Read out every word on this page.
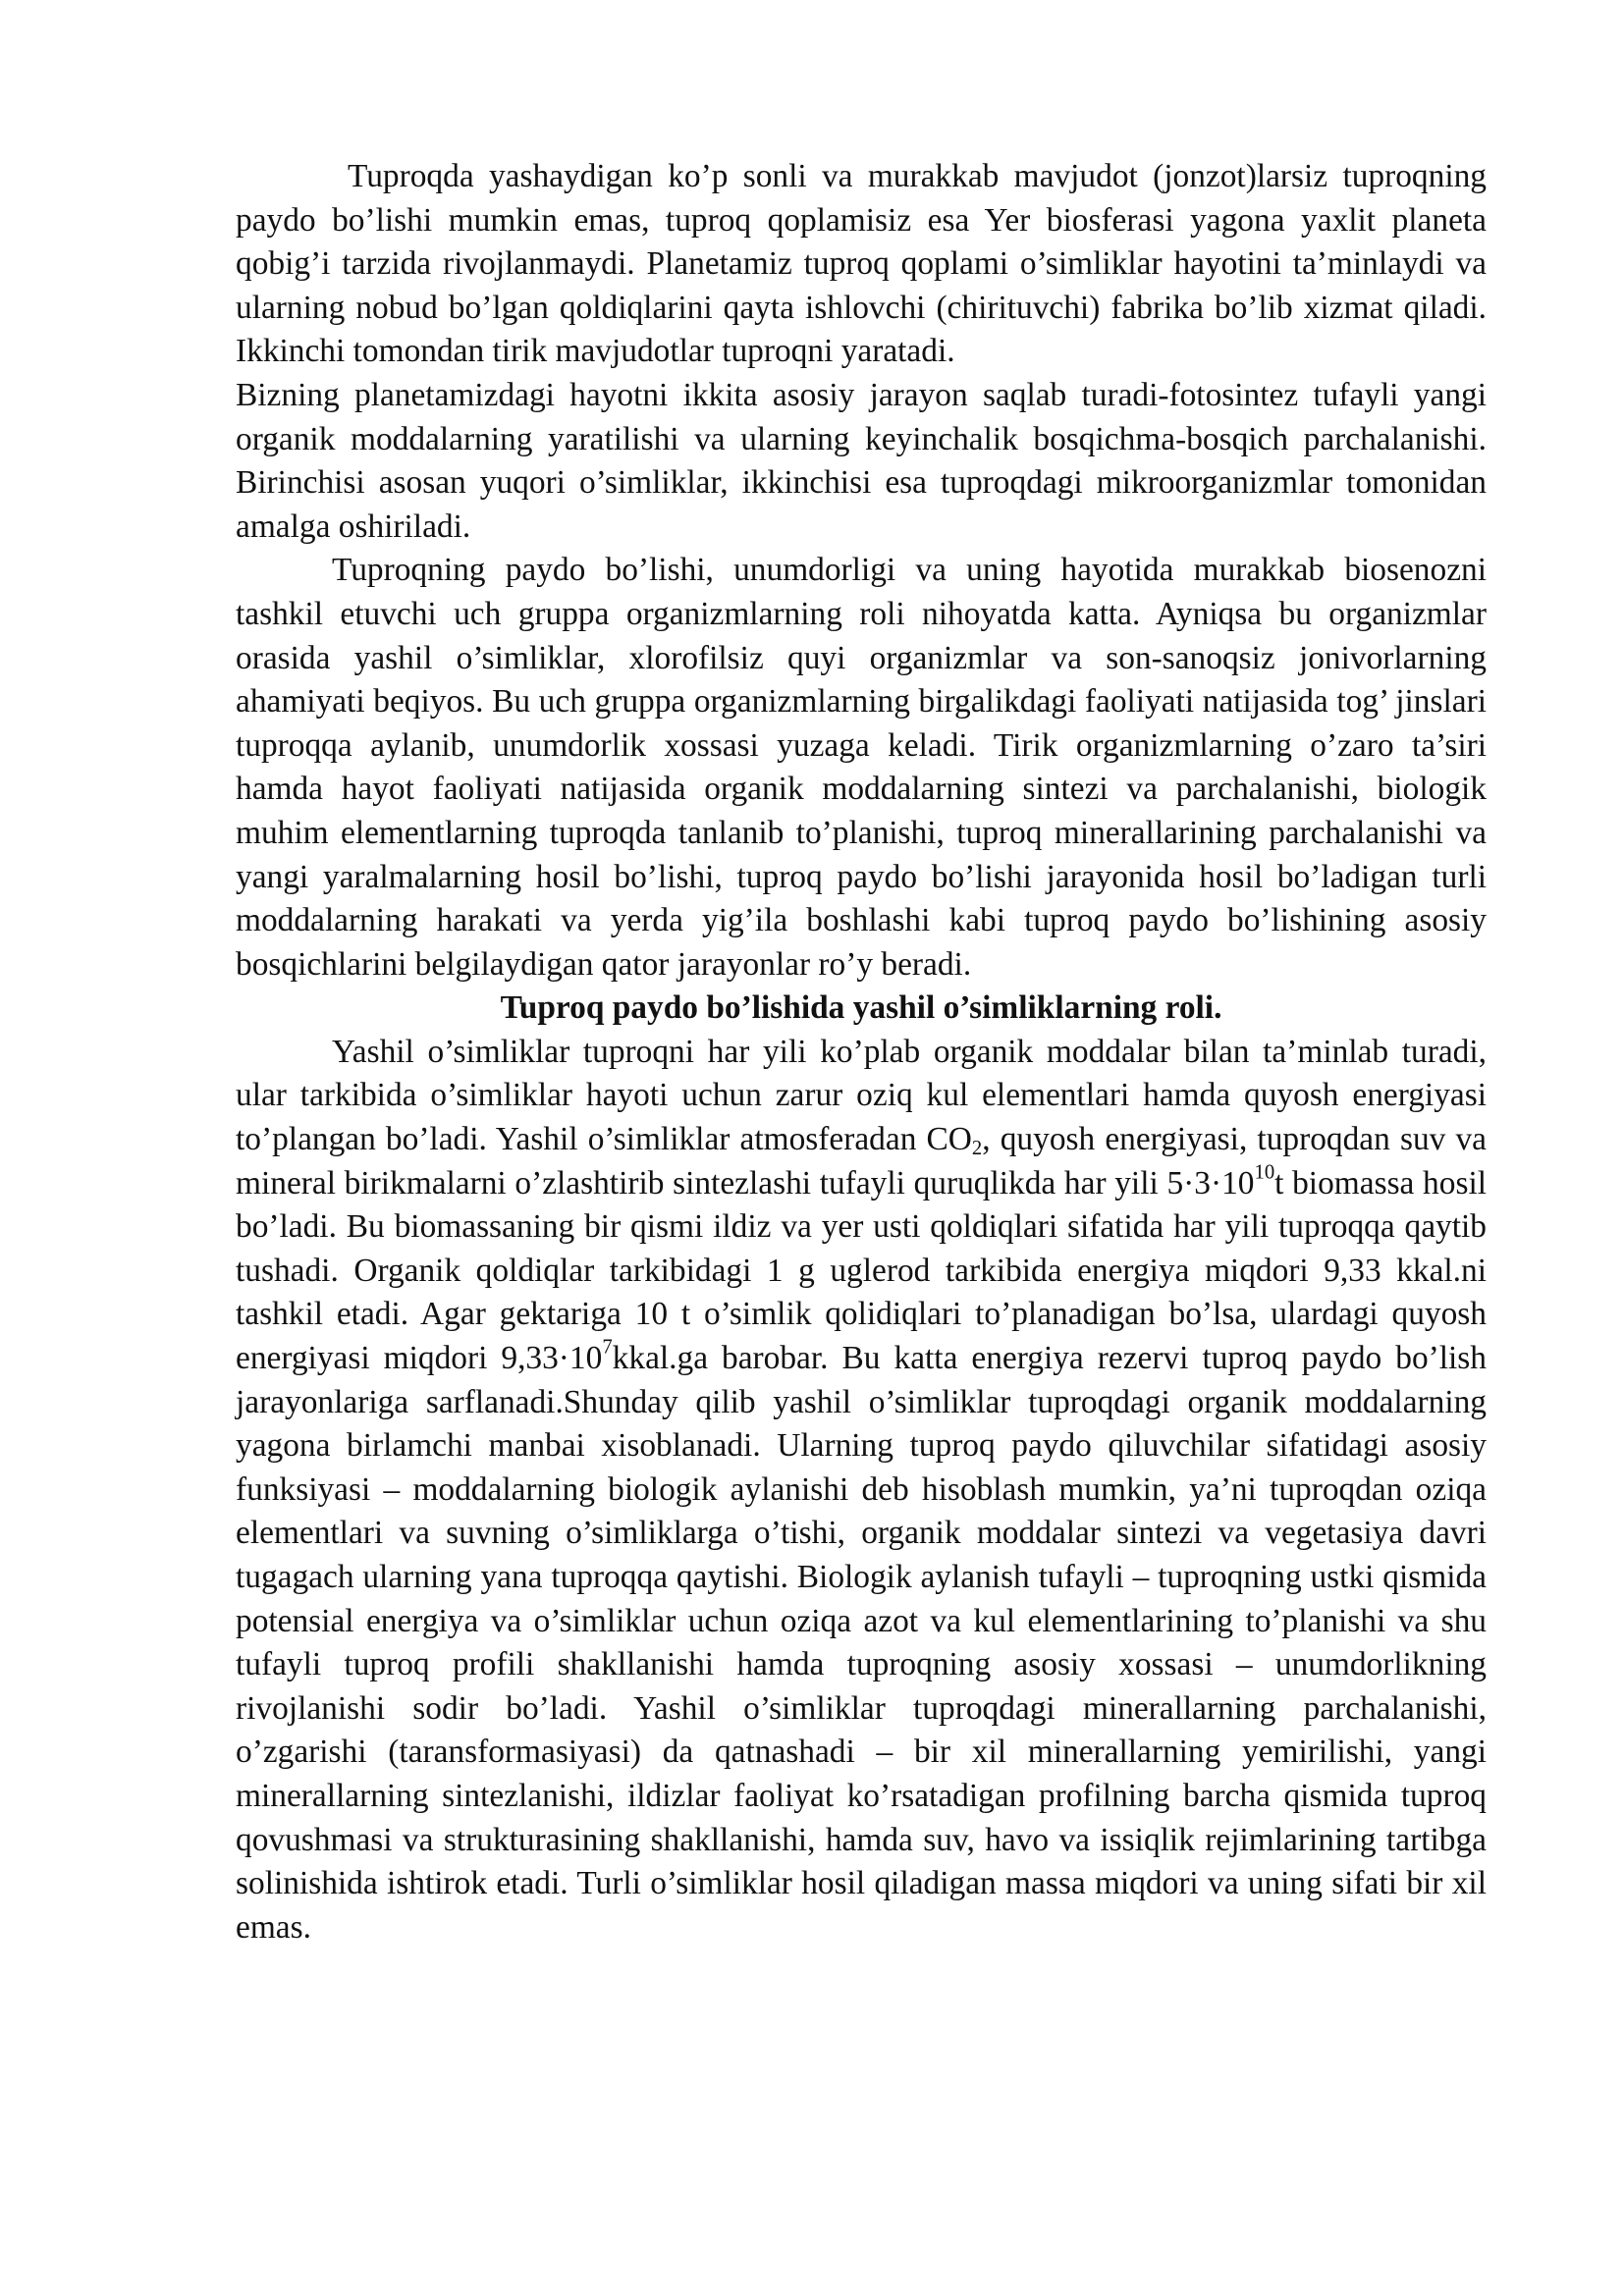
Tuproqda yashaydigan ko’p sonli va murakkab mavjudot (jonzot)larsiz tuproqning paydo bo’lishi mumkin emas, tuproq qoplamisiz esa Yer biosferasi yagona yaxlit planeta qobig’i tarzida rivojlanmaydi. Planetamiz tuproq qoplami o’simliklar hayotini ta’minlaydi va ularning nobud bo’lgan qoldiqlarini qayta ishlovchi (chirituvchi) fabrika bo’lib xizmat qiladi. Ikkinchi tomondan tirik mavjudotlar tuproqni yaratadi.

Bizning planetamizdagi hayotni ikkita asosiy jarayon saqlab turadi-fotosintez tufayli yangi organik moddalarning yaratilishi va ularning keyinchalik bosqichma-bosqich parchalanishi. Birinchisi asosan yuqori o’simliklar, ikkinchisi esa tuproqdagi mikroorganizmlar tomonidan amalga oshiriladi.

Tuproqning paydo bo’lishi, unumdorligi va uning hayotida murakkab biosenozni tashkil etuvchi uch gruppa organizmlarning roli nihoyatda katta. Ayniqsa bu organizmlar orasida yashil o’simliklar, xlorofilsiz quyi organizmlar va son-sanoqsiz jonivorlarning ahamiyati beqiyos. Bu uch gruppa organizmlarning birgalikdagi faoliyati natijasida tog’ jinslari tuproqqa aylanib, unumdorlik xossasi yuzaga keladi. Tirik organizmlarning o’zaro ta’siri hamda hayot faoliyati natijasida organik moddalarning sintezi va parchalanishi, biologik muhim elementlarning tuproqda tanlanib to’planishi, tuproq minerallarining parchalanishi va yangi yaralmalarning hosil bo’lishi, tuproq paydo bo’lishi jarayonida hosil bo’ladigan turli moddalarning harakati va yerda yig’ila boshlashi kabi tuproq paydo bo’lishining asosiy bosqichlarini belgilaydigan qator jarayonlar ro’y beradi.

Tuproq paydo bo’lishida yashil o’simliklarning roli.

Yashil o’simliklar tuproqni har yili ko’plab organik moddalar bilan ta’minlab turadi, ular tarkibida o’simliklar hayoti uchun zarur oziq kul elementlari hamda quyosh energiyasi to’plangan bo’ladi. Yashil o’simliklar atmosferadan $CO_2$, quyosh energiyasi, tuproqdan suv va mineral birikmalarni o’zlashtirib sintezlashi tufayli quruqlikda har yili $5\cdot 3\cdot 10^{10}t$ biomassa hosil bo’ladi. Bu biomassaning bir qismi ildiz va yer usti qoldiqlari sifatida har yili tuproqqa qaytib tushadi. Organik qoldiqlar tarkibidagi 1 g uglerod tarkibida energiya miqdori 9,33 kkal.ni tashkil etadi. Agar gektariga 10 t o’simlik qolidiqlari to’planadigan bo’lsa, ulardagi quyosh energiyasi miqdori $9,33\cdot 10^7kkal.ga$ barobar. Bu katta energiya rezervi tuproq paydo bo’lish jarayonlariga sarflanadi.Shunday qilib yashil o’simliklar tuproqdagi organik moddalarning yagona birlamchi manbai xisoblanadi. Ularning tuproq paydo qiluvchilar sifatidagi asosiy funksiyasi – moddalarning biologik aylanishi deb hisoblash mumkin, ya’ni tuproqdan oziqa elementlari va suvning o’simliklarga o’tishi, organik moddalar sintezi va vegetasiya davri tugagach ularning yana tuproqqa qaytishi. Biologik aylanish tufayli – tuproqning ustki qismida potensial energiya va o’simliklar uchun oziqa azot va kul elementlarining to’planishi va shu tufayli tuproq profili shakllanishi hamda tuproqning asosiy xossasi – unumdorlikning rivojlanishi sodir bo’ladi. Yashil o’simliklar tuproqdagi minerallarning parchalanishi, o’zgarishi (taransformasiyasi) da qatnashadi – bir xil minerallarning yemirilishi, yangi minerallarning sintezlanishi, ildizlar faoliyat ko’rsatadigan profilning barcha qismida tuproq qovushmasi va strukturasining shakllanishi, hamda suv, havo va issiqlik rejimlarining tartibga solinishida ishtirok etadi. Turli o’simliklar hosil qiladigan massa miqdori va uning sifati bir xil emas.
